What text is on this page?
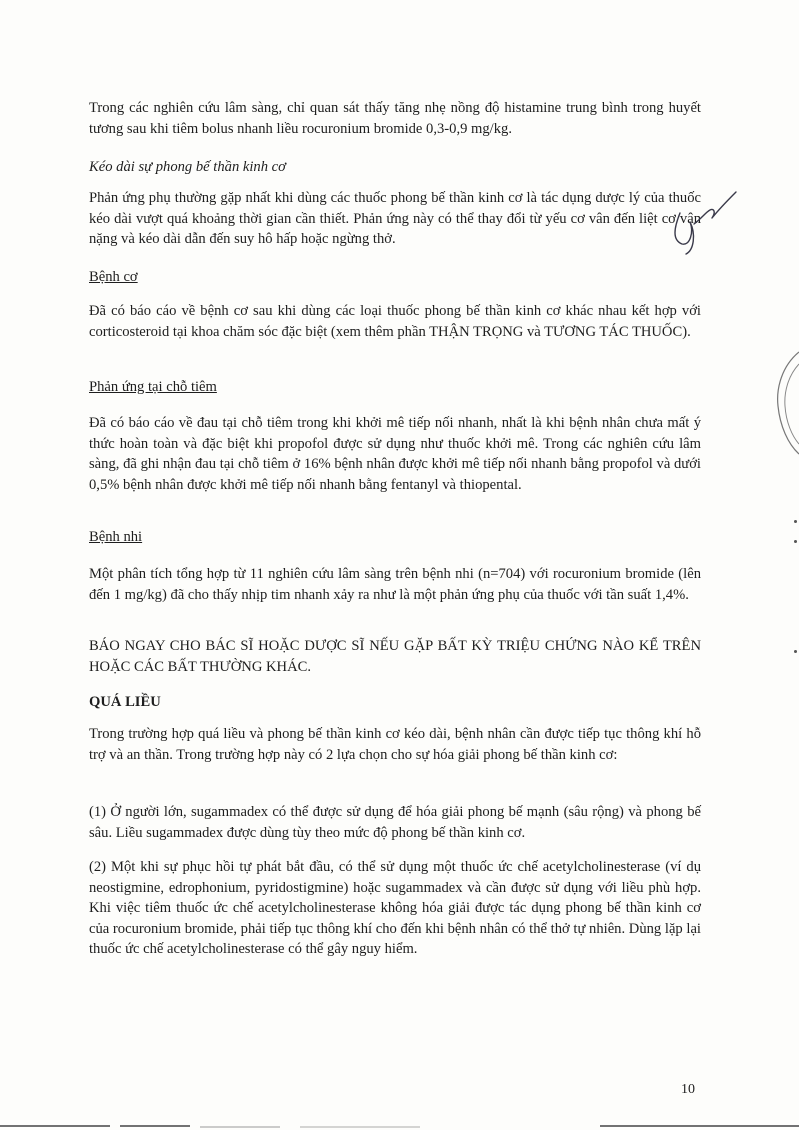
Trong các nghiên cứu lâm sàng, chỉ quan sát thấy tăng nhẹ nồng độ histamine trung bình trong huyết tương sau khi tiêm bolus nhanh liều rocuronium bromide 0,3-0,9 mg/kg.

Kéo dài sự phong bế thần kinh cơ

Phản ứng phụ thường gặp nhất khi dùng các thuốc phong bế thần kinh cơ là tác dụng dược lý của thuốc kéo dài vượt quá khoảng thời gian cần thiết. Phản ứng này có thể thay đổi từ yếu cơ vân đến liệt cơ vân nặng và kéo dài dẫn đến suy hô hấp hoặc ngừng thở.

Bệnh cơ

Đã có báo cáo về bệnh cơ sau khi dùng các loại thuốc phong bế thần kinh cơ khác nhau kết hợp với corticosteroid tại khoa chăm sóc đặc biệt (xem thêm phần THẬN TRỌNG và TƯƠNG TÁC THUỐC).

Phản ứng tại chỗ tiêm

Đã có báo cáo về đau tại chỗ tiêm trong khi khởi mê tiếp nối nhanh, nhất là khi bệnh nhân chưa mất ý thức hoàn toàn và đặc biệt khi propofol được sử dụng như thuốc khởi mê. Trong các nghiên cứu lâm sàng, đã ghi nhận đau tại chỗ tiêm ở 16% bệnh nhân được khởi mê tiếp nối nhanh bằng propofol và dưới 0,5% bệnh nhân được khởi mê tiếp nối nhanh bằng fentanyl và thiopental.

Bệnh nhi

Một phân tích tổng hợp từ 11 nghiên cứu lâm sàng trên bệnh nhi (n=704) với rocuronium bromide (lên đến 1 mg/kg) đã cho thấy nhịp tim nhanh xảy ra như là một phản ứng phụ của thuốc với tần suất 1,4%.

BÁO NGAY CHO BÁC SĨ HOẶC DƯỢC SĨ NẾU GẶP BẤT KỲ TRIỆU CHỨNG NÀO KỂ TRÊN HOẶC CÁC BẤT THƯỜNG KHÁC.

QUÁ LIỀU

Trong trường hợp quá liều và phong bế thần kinh cơ kéo dài, bệnh nhân cần được tiếp tục thông khí hỗ trợ và an thần. Trong trường hợp này có 2 lựa chọn cho sự hóa giải phong bế thần kinh cơ:

(1) Ở người lớn, sugammadex có thể được sử dụng để hóa giải phong bế mạnh (sâu rộng) và phong bế sâu. Liều sugammadex được dùng tùy theo mức độ phong bế thần kinh cơ.

(2) Một khi sự phục hồi tự phát bắt đầu, có thể sử dụng một thuốc ức chế acetylcholinesterase (ví dụ neostigmine, edrophonium, pyridostigmine) hoặc sugammadex và cần được sử dụng với liều phù hợp. Khi việc tiêm thuốc ức chế acetylcholinesterase không hóa giải được tác dụng phong bế thần kinh cơ của rocuronium bromide, phải tiếp tục thông khí cho đến khi bệnh nhân có thể thở tự nhiên. Dùng lặp lại thuốc ức chế acetylcholinesterase có thể gây nguy hiểm.

10
